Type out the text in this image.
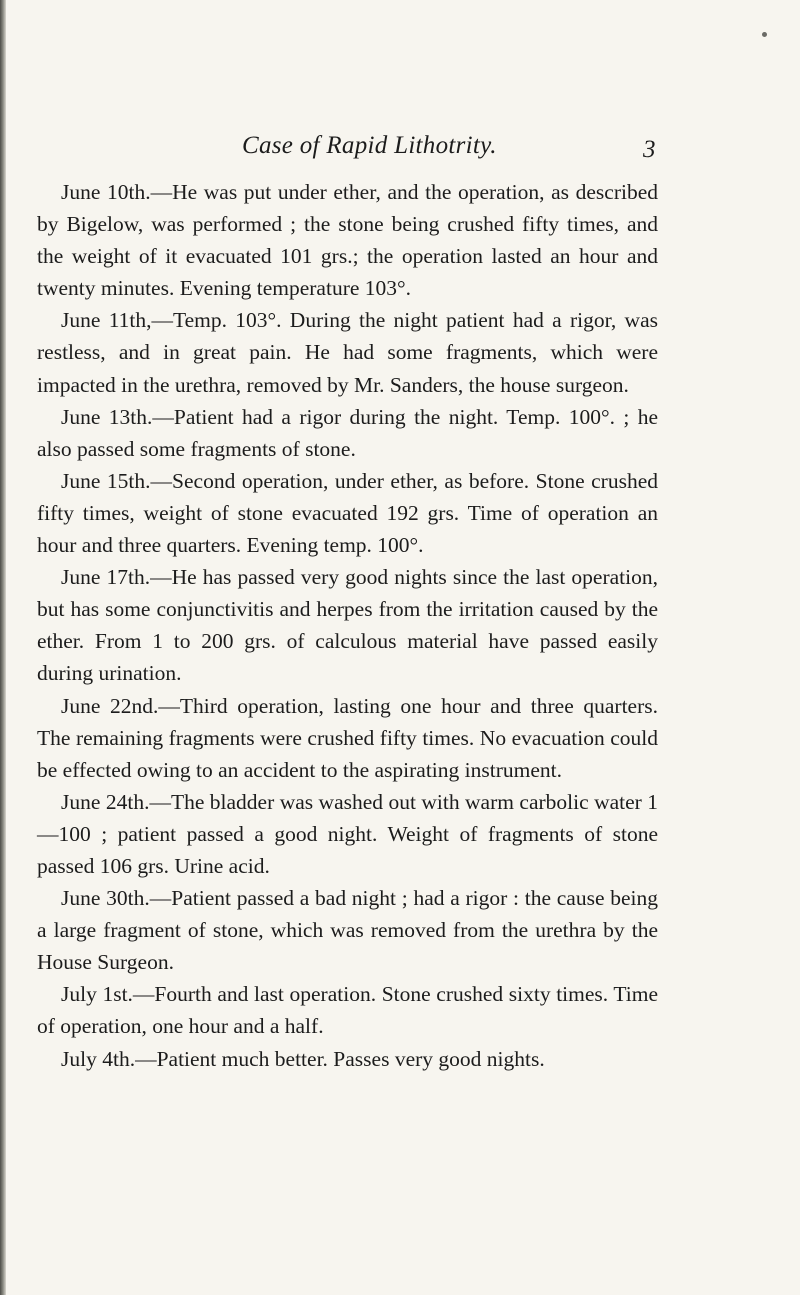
Case of Rapid Lithotrity.	3

June 10th.—He was put under ether, and the operation, as described by Bigelow, was performed ; the stone being crushed fifty times, and the weight of it evacuated 101 grs.; the operation lasted an hour and twenty minutes. Evening temperature 103°.

June 11th,—Temp. 103°. During the night patient had a rigor, was restless, and in great pain. He had some fragments, which were impacted in the urethra, removed by Mr. Sanders, the house surgeon.

June 13th.—Patient had a rigor during the night. Temp. 100°. ; he also passed some fragments of stone.

June 15th.—Second operation, under ether, as before. Stone crushed fifty times, weight of stone evacuated 192 grs. Time of operation an hour and three quarters. Evening temp. 100°.

June 17th.—He has passed very good nights since the last operation, but has some conjunctivitis and herpes from the irritation caused by the ether. From 1 to 200 grs. of calculous material have passed easily during urination.

June 22nd.—Third operation, lasting one hour and three quarters. The remaining fragments were crushed fifty times. No evacuation could be effected owing to an accident to the aspirating instrument.

June 24th.—The bladder was washed out with warm carbolic water 1—100 ; patient passed a good night. Weight of fragments of stone passed 106 grs. Urine acid.

June 30th.—Patient passed a bad night ; had a rigor : the cause being a large fragment of stone, which was removed from the urethra by the House Surgeon.

July 1st.—Fourth and last operation. Stone crushed sixty times. Time of operation, one hour and a half.

July 4th.—Patient much better. Passes very good nights.
